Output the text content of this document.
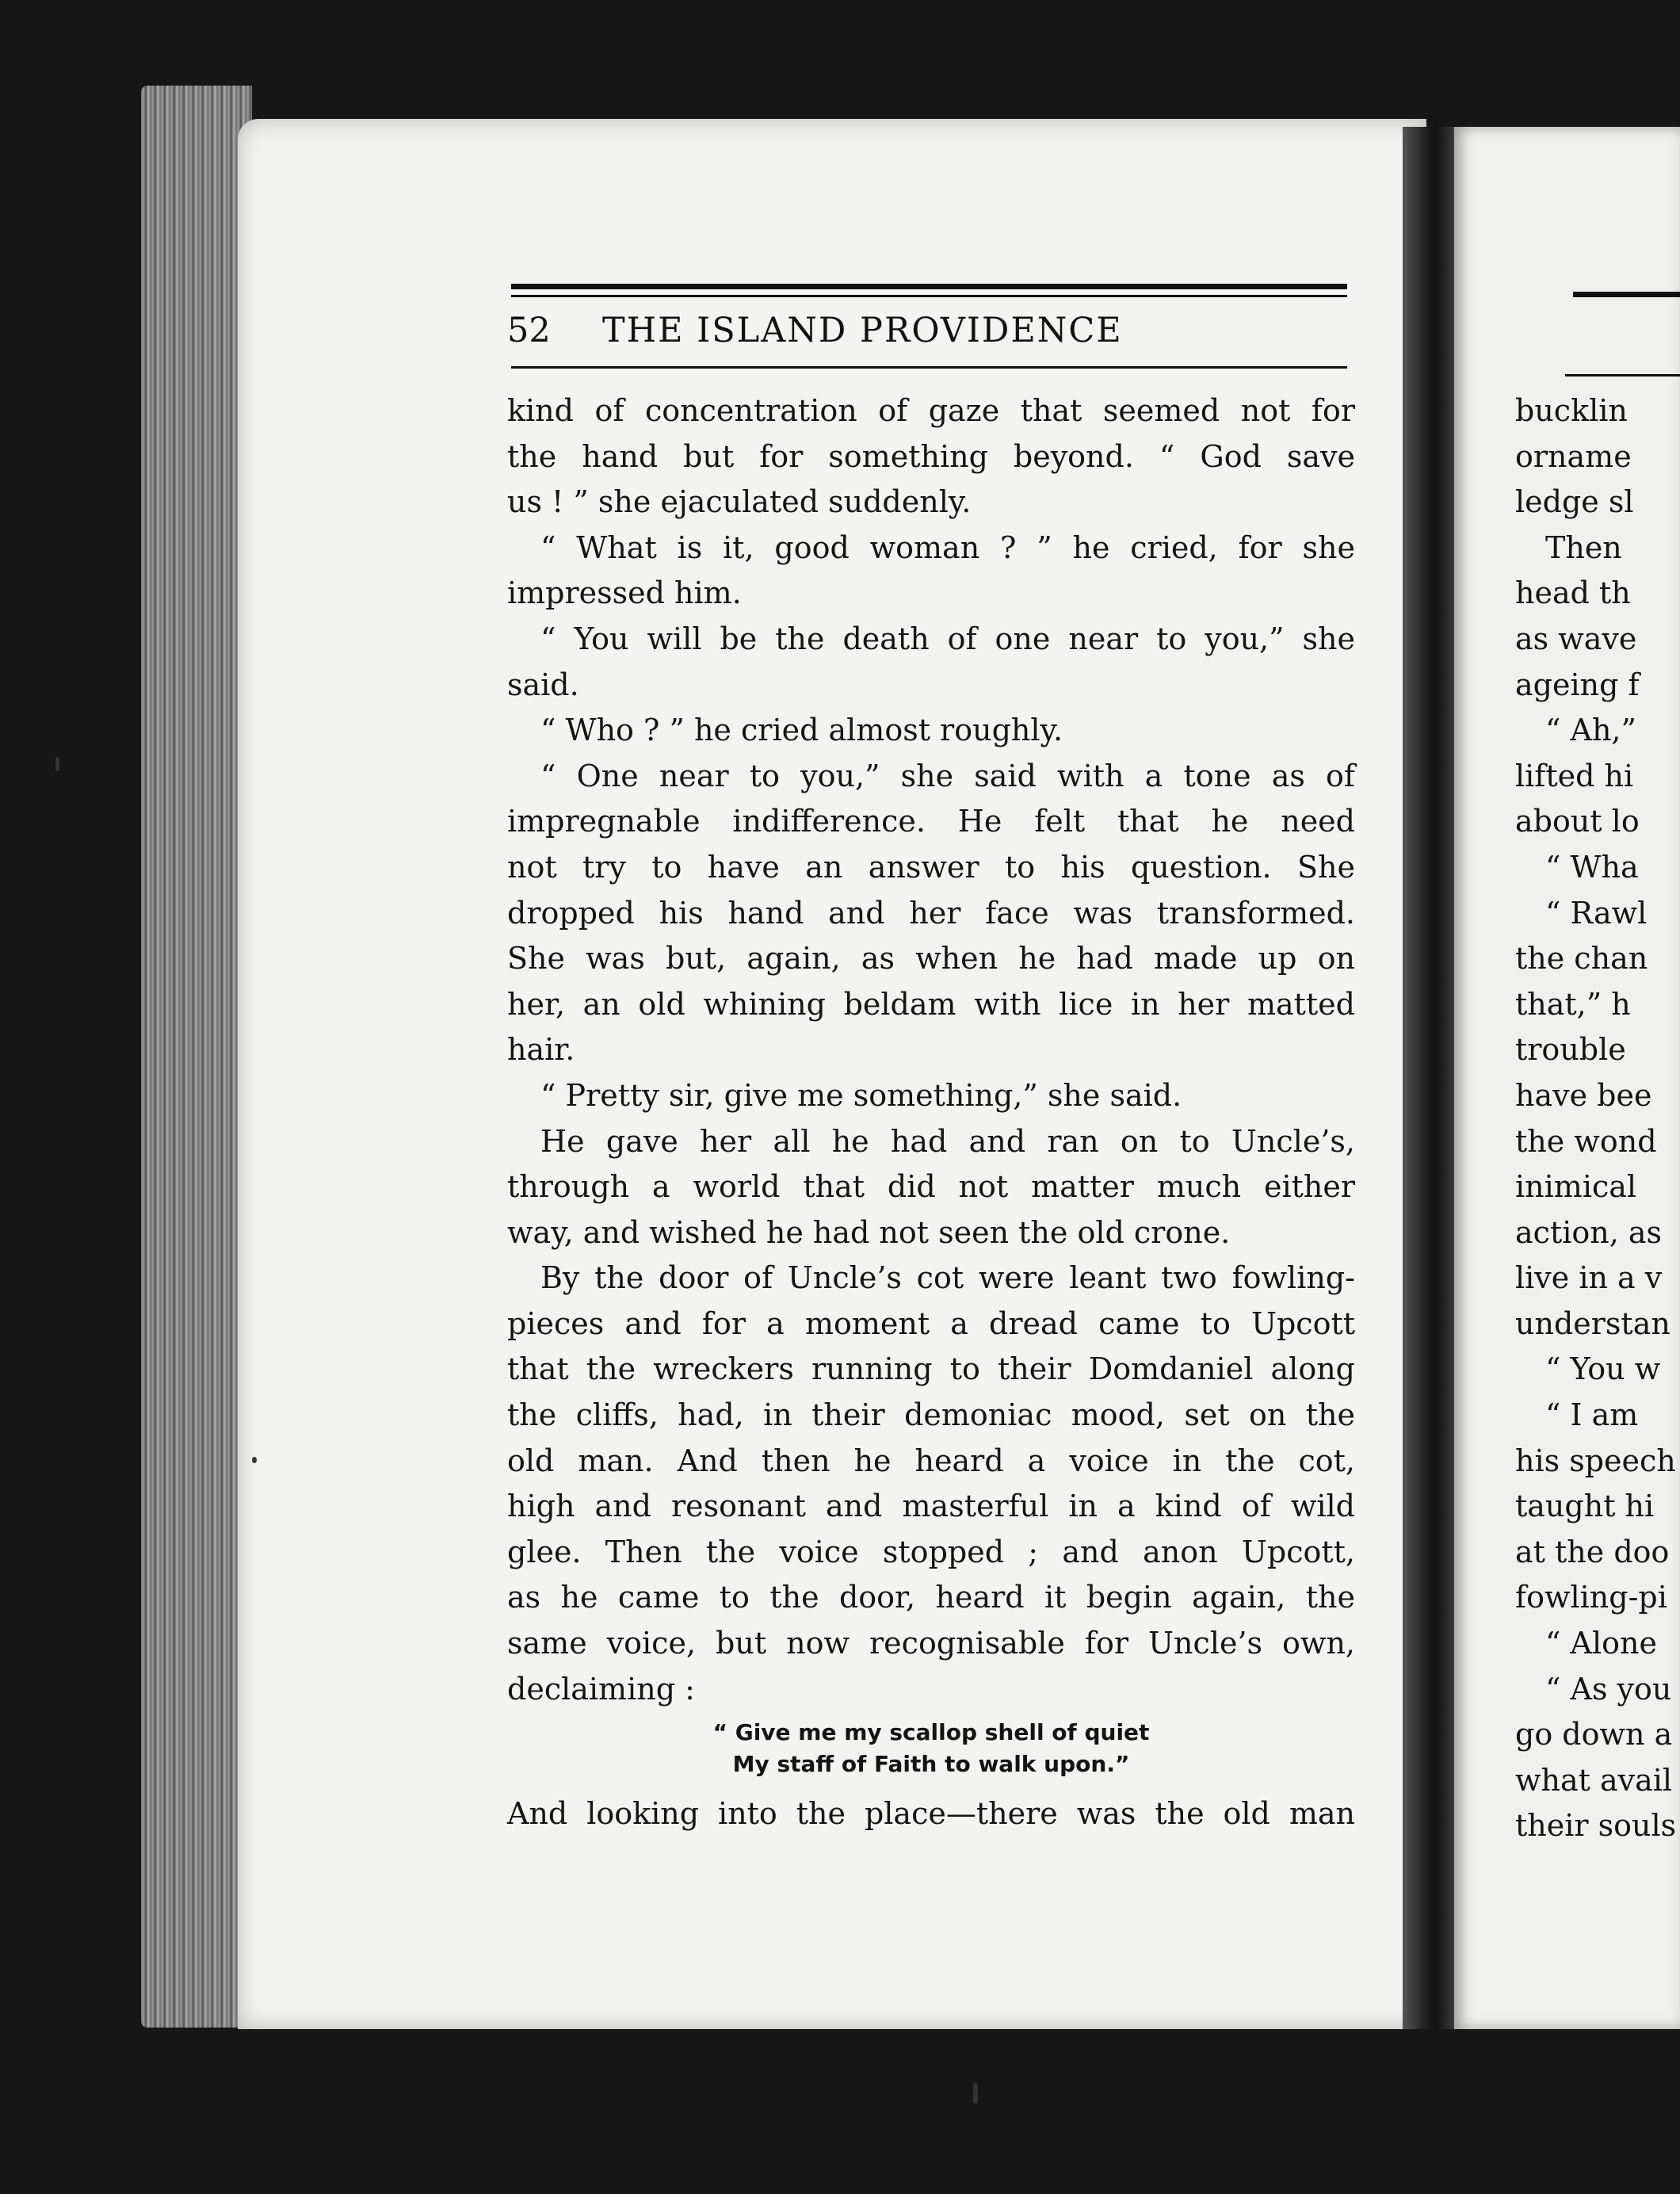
52 THE ISLAND PROVIDENCE
kind of concentration of gaze that seemed not for
the hand but for something beyond. “ God save
us ! ” she ejaculated suddenly.
“ What is it, good woman ? ” he cried, for she
impressed him.
“ You will be the death of one near to you,” she
said.
“ Who ? ” he cried almost roughly.
“ One near to you,” she said with a tone as of
impregnable indifference. He felt that he need
not try to have an answer to his question. She
dropped his hand and her face was transformed.
She was but, again, as when he had made up on
her, an old whining beldam with lice in her matted
hair.
“ Pretty sir, give me something,” she said.
He gave her all he had and ran on to Uncle’s,
through a world that did not matter much either
way, and wished he had not seen the old crone.
By the door of Uncle’s cot were leant two fowling-
pieces and for a moment a dread came to Upcott
that the wreckers running to their Domdaniel along
the cliffs, had, in their demoniac mood, set on the
old man. And then he heard a voice in the cot,
high and resonant and masterful in a kind of wild
glee. Then the voice stopped ; and anon Upcott,
as he came to the door, heard it begin again, the
same voice, but now recognisable for Uncle’s own,
declaiming :
“ Give me my scallop shell of quiet
My staff of Faith to walk upon.”
And looking into the place—there was the old man
bucklin
ornamе
ledge sl
Then
head th
as wave
ageing f
“ Ah,”
lifted hi
about lo
“ Wha
“ Rawl
the chan
that,” h
trouble
have bee
the wond
inimical
action, as
live in a v
understan
“ You w
“ I am
his speech
taught hi
at the doo
fowling-pi
“ Alone
“ As you
go down a
what avail
their souls
